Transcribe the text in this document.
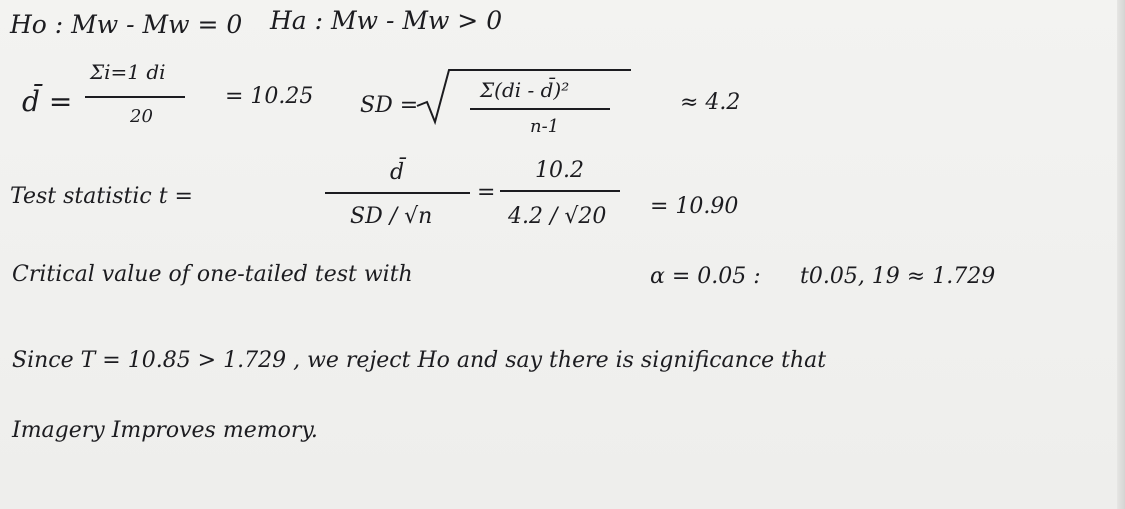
Ho : Mw - Mw = 0 Ha : Mw - Mw > 0
d̄ =
Σi=1 di
20
= 10.25 SD =
Σ(di - d̄)²
n-1
≈ 4.2
Test statistic t =
d̄
SD / √n
=
10.2
4.2 / √20 = 10.90
Critical value of one-tailed test with	α = 0.05 : t0.05, 19 ≈ 1.729
Since T = 10.85 > 1.729 , we reject Ho and say there is significance that
Imagery Improves memory.
